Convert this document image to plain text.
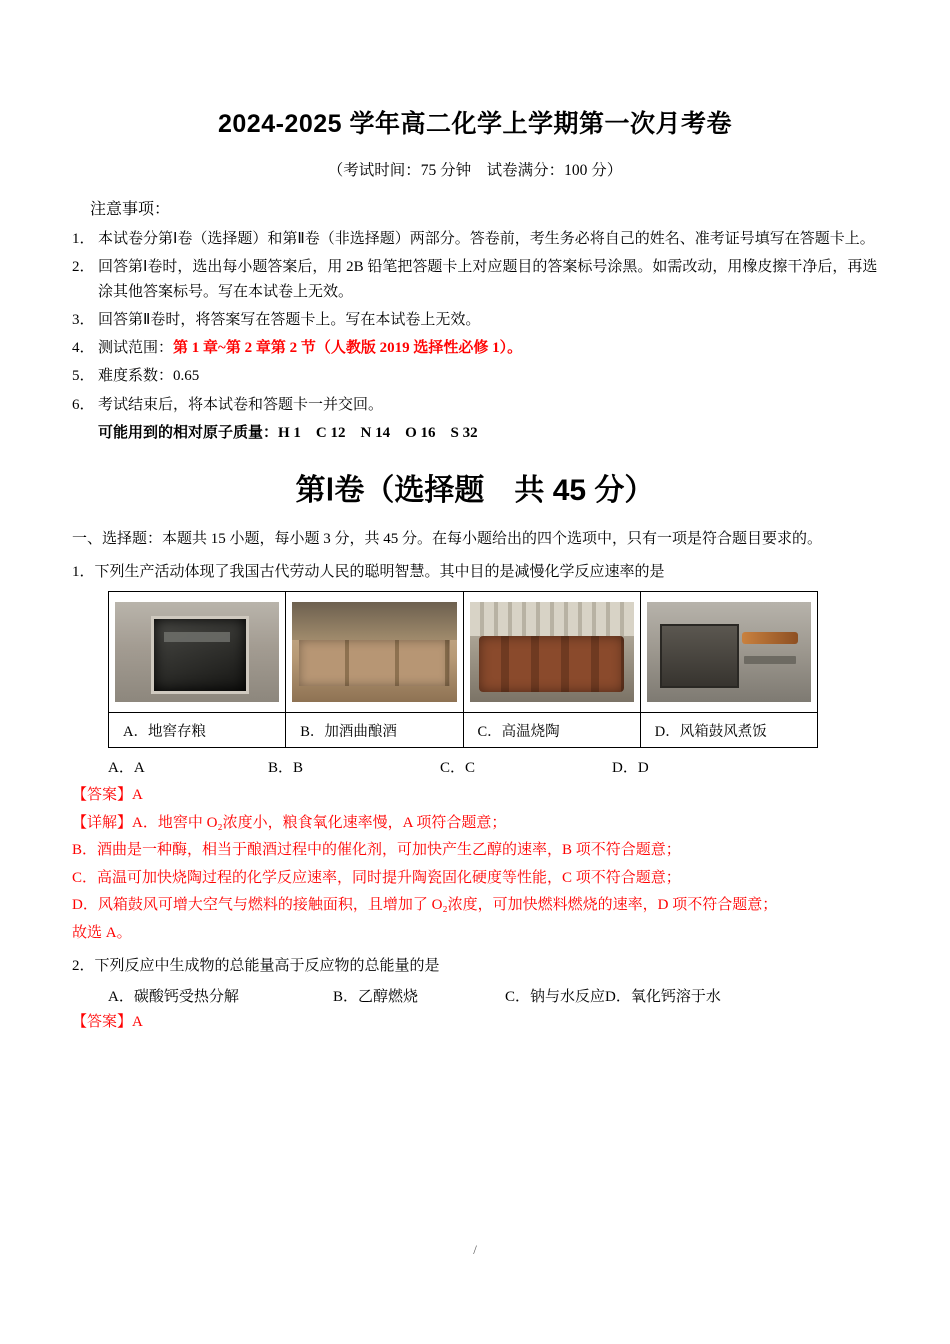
2024-2025 学年高二化学上学期第一次月考卷
（考试时间：75 分钟　试卷满分：100 分）
注意事项：
1． 本试卷分第Ⅰ卷（选择题）和第Ⅱ卷（非选择题）两部分。答卷前，考生务必将自己的姓名、准考证号填写在答题卡上。
2． 回答第Ⅰ卷时，选出每小题答案后，用 2B 铅笔把答题卡上对应题目的答案标号涂黑。如需改动，用橡皮擦干净后，再选涂其他答案标号。写在本试卷上无效。
3． 回答第Ⅱ卷时，将答案写在答题卡上。写在本试卷上无效。
4． 测试范围：第 1 章~第 2 章第 2 节（人教版 2019 选择性必修 1）。
5． 难度系数：0.65
6． 考试结束后，将本试卷和答题卡一并交回。
可能用到的相对原子质量：H 1　C 12　N 14　O 16　S 32
第Ⅰ卷（选择题　共 45 分）
一、选择题：本题共 15 小题，每小题 3 分，共 45 分。在每小题给出的四个选项中，只有一项是符合题目要求的。
1． 下列生产活动体现了我国古代劳动人民的聪明智慧。其中目的是减慢化学反应速率的是

A．地窖存粮	B．加酒曲酿酒	C．高温烧陶	D．风箱鼓风煮饭
A．A	B．B	C．C	D．D
【答案】A
【详解】A．地窖中 O₂浓度小，粮食氧化速率慢，A 项符合题意；
B．酒曲是一种酶，相当于酿酒过程中的催化剂，可加快产生乙醇的速率，B 项不符合题意；
C．高温可加快烧陶过程的化学反应速率，同时提升陶瓷固化硬度等性能，C 项不符合题意；
D．风箱鼓风可增大空气与燃料的接触面积，且增加了 O₂浓度，可加快燃料燃烧的速率，D 项不符合题意；
故选 A。
2． 下列反应中生成物的总能量高于反应物的总能量的是
A．碳酸钙受热分解	B．乙醇燃烧	C．钠与水反应 D．氧化钙溶于水
【答案】A
/
